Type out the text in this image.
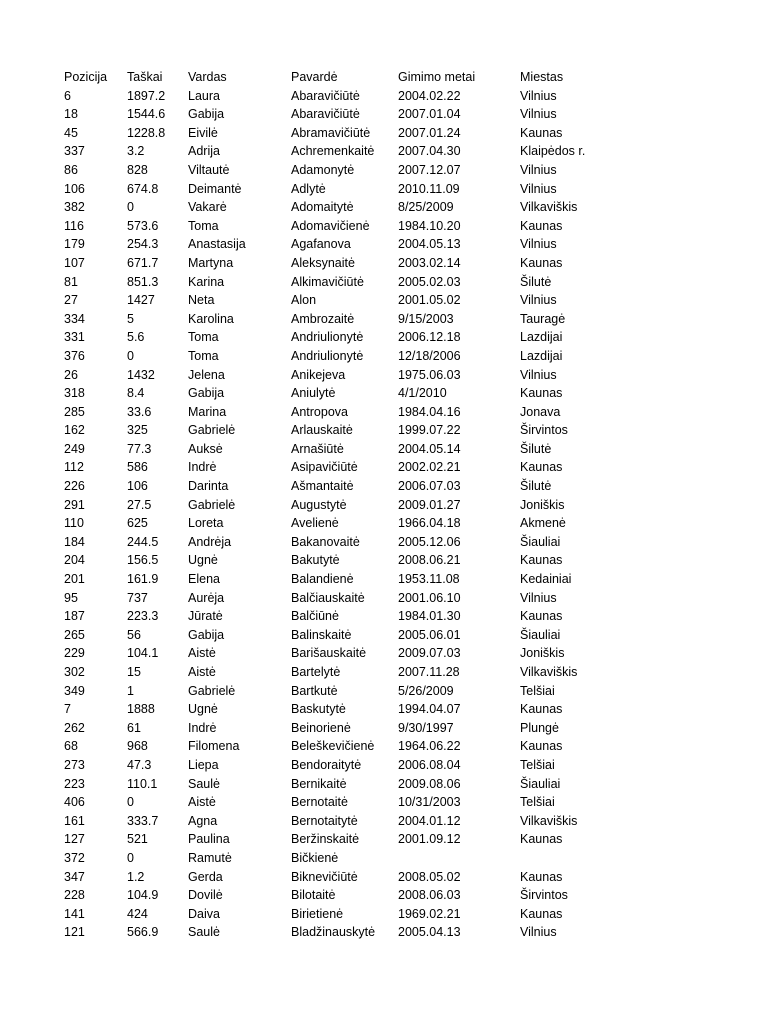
Pozicija Taškai Vardas	Pavardė	Gimimo metai	Miestas
6	1897.2 Laura	Abaravičiūtė	2004.02.22	Vilnius
18	1544.6 Gabija	Abaravičiūtė	2007.01.04	Vilnius
45	1228.8 Eivilė	Abramavičiūtė 2007.01.24	Kaunas
337	3.2	Adrija	Achremenkaitė 2007.04.30	Klaipėdos r.
86	828	Viltautė	Adamonytė	2007.12.07	Vilnius
106	674.8 Deimantė	Adlytė	2010.11.09	Vilnius
382	0	Vakarė	Adomaitytė	8/25/2009	Vilkaviškis
116	573.6 Toma	Adomavičienė 1984.10.20	Kaunas
179	254.3 Anastasija	Agafanova	2004.05.13	Vilnius
107	671.7 Martyna	Aleksynaitė	2003.02.14	Kaunas
81	851.3 Karina	Alkimavičiūtė	2005.02.03	Šilutė
27	1427	Neta	Alon	2001.05.02	Vilnius
334	5	Karolina	Ambrozaitė	9/15/2003	Tauragė
331	5.6	Toma	Andriulionytė	2006.12.18	Lazdijai
376	0	Toma	Andriulionytė	12/18/2006	Lazdijai
26	1432	Jelena	Anikejeva	1975.06.03	Vilnius
318	8.4	Gabija	Aniulytė	4/1/2010	Kaunas
285	33.6	Marina	Antropova	1984.04.16	Jonava
162	325	Gabrielė	Arlauskaitė	1999.07.22	Širvintos
249	77.3	Auksė	Arnašiūtė	2004.05.14	Šilutė
112	586	Indrė	Asipavičiūtė	2002.02.21	Kaunas
226	106	Darinta	Ašmantaitė	2006.07.03	Šilutė
291	27.5	Gabrielė	Augustytė	2009.01.27	Joniškis
110	625	Loreta	Avelienė	1966.04.18	Akmenė
184	244.5 Andrėja	Bakanovaitė	2005.12.06	Šiauliai
204	156.5 Ugnė	Bakutytė	2008.06.21	Kaunas
201	161.9 Elena	Balandienė	1953.11.08	Kedainiai
95	737	Aurėja	Balčiauskaitė	2001.06.10	Vilnius
187	223.3 Jūratė	Balčiūnė	1984.01.30	Kaunas
265	56	Gabija	Balinskaitė	2005.06.01	Šiauliai
229	104.1 Aistė	Barišauskaitė	2009.07.03	Joniškis
302	15	Aistė	Bartelytė	2007.11.28	Vilkaviškis
349	1	Gabrielė	Bartkutė	5/26/2009	Telšiai
7	1888	Ugnė	Baskutytė	1994.04.07	Kaunas
262	61	Indrė	Beinorienė	9/30/1997	Plungė
68	968	Filomena	Beleškevičienė 1964.06.22	Kaunas
273	47.3	Liepa	Bendoraitytė	2006.08.04	Telšiai
223	110.1 Saulė	Bernikaitė	2009.08.06	Šiauliai
406	0	Aistė	Bernotaitė	10/31/2003	Telšiai
161	333.7 Agna	Bernotaitytė	2004.01.12	Vilkaviškis
127	521	Paulina	Beržinskaitė	2001.09.12	Kaunas
372	0	Ramutė	Bičkienė
347	1.2	Gerda	Biknevičiūtė	2008.05.02	Kaunas
228	104.9 Dovilė	Bilotaitė	2008.06.03	Širvintos
141	424	Daiva	Birietienė	1969.02.21	Kaunas
121	566.9 Saulė	Bladžinauskytė 2005.04.13	Vilnius
